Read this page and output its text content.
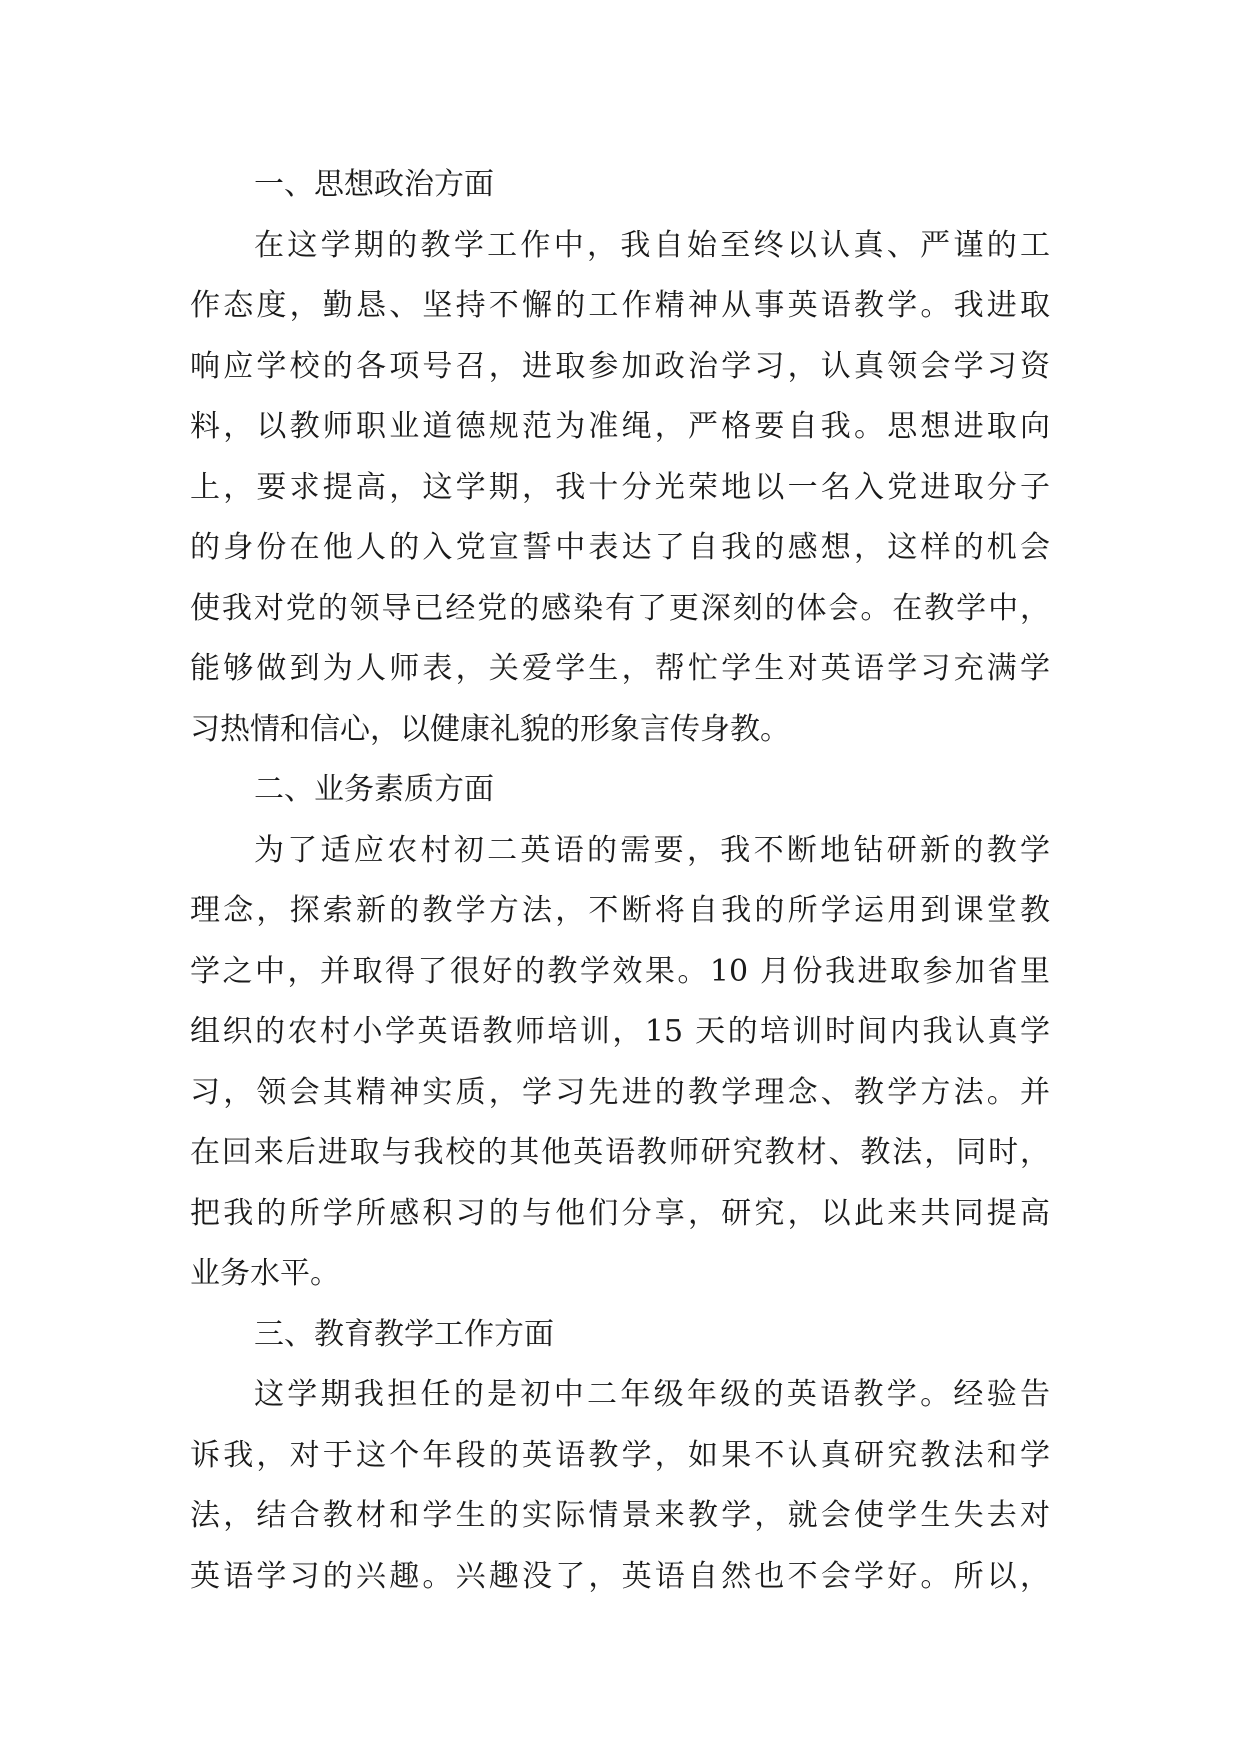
一、思想政治方面
在这学期的教学工作中，我自始至终以认真、严谨的工
作态度，勤恳、坚持不懈的工作精神从事英语教学。我进取
响应学校的各项号召，进取参加政治学习，认真领会学习资
料，以教师职业道德规范为准绳，严格要自我。思想进取向
上，要求提高，这学期，我十分光荣地以一名入党进取分子
的身份在他人的入党宣誓中表达了自我的感想，这样的机会
使我对党的领导已经党的感染有了更深刻的体会。在教学中，
能够做到为人师表，关爱学生，帮忙学生对英语学习充满学
习热情和信心，以健康礼貌的形象言传身教。
二、业务素质方面
为了适应农村初二英语的需要，我不断地钻研新的教学
理念，探索新的教学方法，不断将自我的所学运用到课堂教
学之中，并取得了很好的教学效果。10 月份我进取参加省里
组织的农村小学英语教师培训，15 天的培训时间内我认真学
习，领会其精神实质，学习先进的教学理念、教学方法。并
在回来后进取与我校的其他英语教师研究教材、教法，同时，
把我的所学所感积习的与他们分享，研究，以此来共同提高
业务水平。
三、教育教学工作方面
这学期我担任的是初中二年级年级的英语教学。经验告
诉我，对于这个年段的英语教学，如果不认真研究教法和学
法，结合教材和学生的实际情景来教学，就会使学生失去对
英语学习的兴趣。兴趣没了，英语自然也不会学好。所以，
